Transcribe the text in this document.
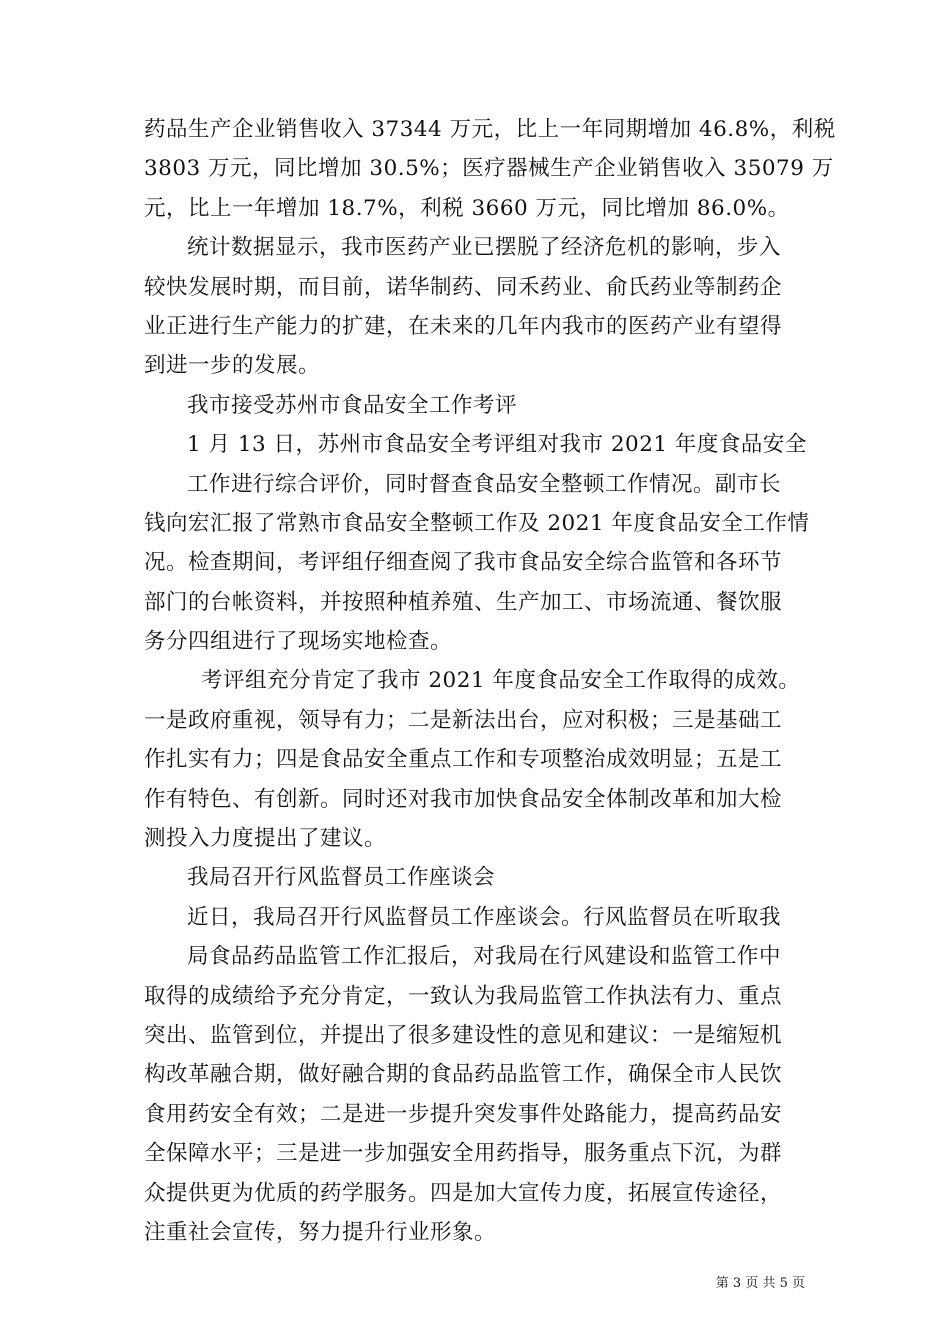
药品生产企业销售收入 37344 万元，比上一年同期增加 46.8%，利税
3803 万元，同比增加 30.5%；医疗器械生产企业销售收入 35079 万
元，比上一年增加 18.7%，利税 3660 万元，同比增加 86.0%。
统计数据显示，我市医药产业已摆脱了经济危机的影响，步入
较快发展时期，而目前，诺华制药、同禾药业、俞氏药业等制药企
业正进行生产能力的扩建，在未来的几年内我市的医药产业有望得
到进一步的发展。
我市接受苏州市食品安全工作考评
1 月 13 日，苏州市食品安全考评组对我市 2021 年度食品安全
工作进行综合评价，同时督查食品安全整顿工作情况。副市长
钱向宏汇报了常熟市食品安全整顿工作及 2021 年度食品安全工作情
况。检查期间，考评组仔细查阅了我市食品安全综合监管和各环节
部门的台帐资料，并按照种植养殖、生产加工、市场流通、餐饮服
务分四组进行了现场实地检查。
考评组充分肯定了我市 2021 年度食品安全工作取得的成效。
一是政府重视，领导有力；二是新法出台，应对积极；三是基础工
作扎实有力；四是食品安全重点工作和专项整治成效明显；五是工
作有特色、有创新。同时还对我市加快食品安全体制改革和加大检
测投入力度提出了建议。
我局召开行风监督员工作座谈会
近日，我局召开行风监督员工作座谈会。行风监督员在听取我
局食品药品监管工作汇报后，对我局在行风建设和监管工作中
取得的成绩给予充分肯定，一致认为我局监管工作执法有力、重点
突出、监管到位，并提出了很多建设性的意见和建议：一是缩短机
构改革融合期，做好融合期的食品药品监管工作，确保全市人民饮
食用药安全有效；二是进一步提升突发事件处路能力，提高药品安
全保障水平；三是进一步加强安全用药指导，服务重点下沉，为群
众提供更为优质的药学服务。四是加大宣传力度，拓展宣传途径，
注重社会宣传，努力提升行业形象。
第 3 页 共 5 页
